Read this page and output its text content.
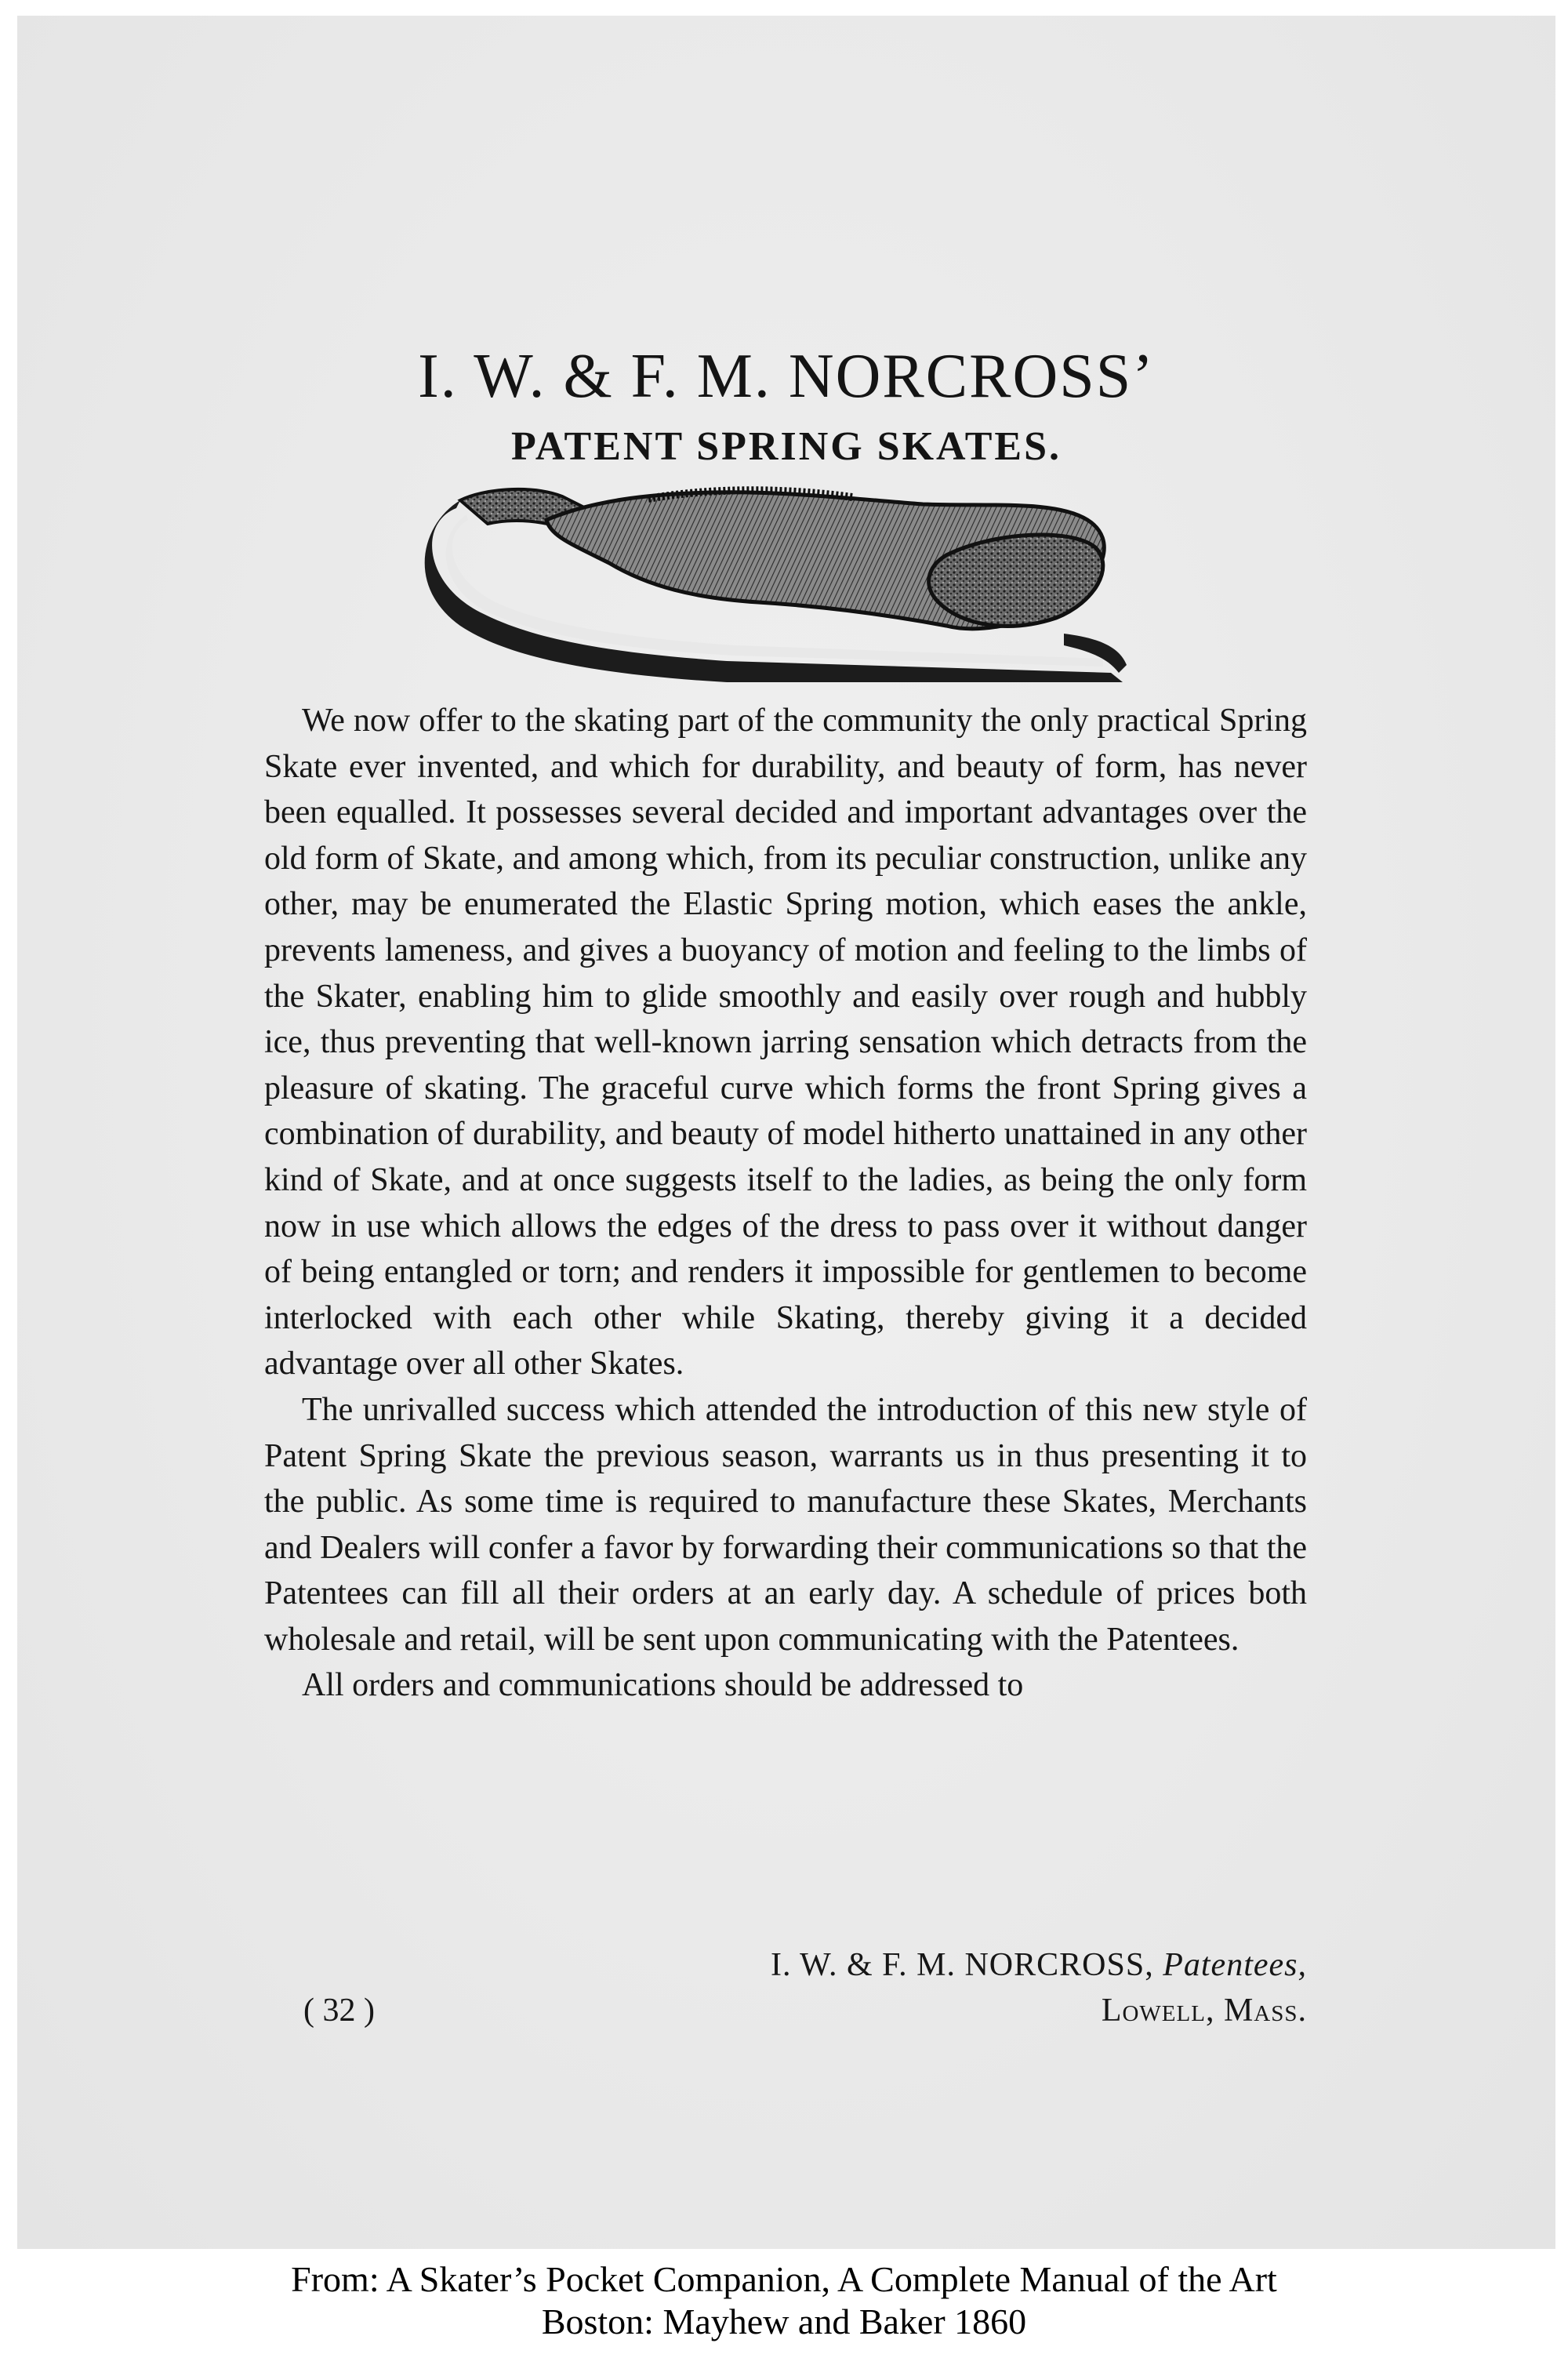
I. W. & F. M. NORCROSS’
PATENT SPRING SKATES.

We now offer to the skating part of the community the only practical Spring Skate ever invented, and which for durability, and beauty of form, has never been equalled. It possesses several decided and important advantages over the old form of Skate, and among which, from its peculiar construction, unlike any other, may be enumerated the Elastic Spring motion, which eases the ankle, prevents lameness, and gives a buoyancy of motion and feeling to the limbs of the Skater, enabling him to glide smoothly and easily over rough and hubbly ice, thus preventing that well-known jarring sensation which detracts from the pleasure of skating. The graceful curve which forms the front Spring gives a combination of durability, and beauty of model hitherto unattained in any other kind of Skate, and at once suggests itself to the ladies, as being the only form now in use which allows the edges of the dress to pass over it without danger of being entangled or torn; and renders it impossible for gentlemen to become interlocked with each other while Skating, thereby giving it a decided advantage over all other Skates.

The unrivalled success which attended the introduction of this new style of Patent Spring Skate the previous season, warrants us in thus presenting it to the public. As some time is required to manufacture these Skates, Merchants and Dealers will confer a favor by forwarding their communications so that the Patentees can fill all their orders at an early day. A schedule of prices both wholesale and retail, will be sent upon communicating with the Patentees.

All orders and communications should be addressed to

I. W. & F. M. NORCROSS, Patentees,
( 32 )	Lowell, Mass.
From: A Skater’s Pocket Companion, A Complete Manual of the Art
Boston: Mayhew and Baker 1860
